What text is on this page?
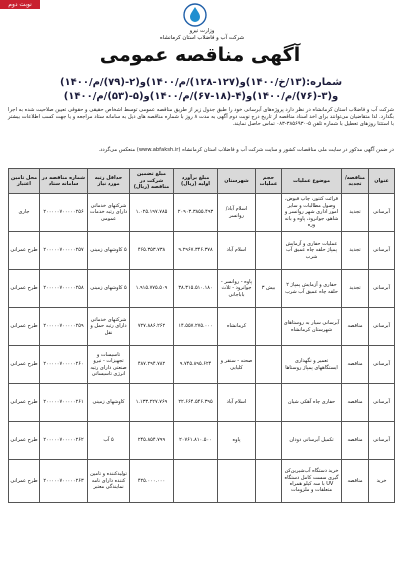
نوبت دوم
وزارت نیرو
شرکت آب و فاضلاب استان کرمانشاه
آگهی مناقصه عمومی
شماره:(۱۳/خ/۱۴۰۰)و(۱۲۷-۱۲۸)/م/۱۴۰۰)و(۲-(۷۹)/م/۱۴۰۰)
و(۳-(۷۶)/م/۱۴۰۰)و(۴-(۱۸-۶۷)/م/۱۴۰۰)و(۵-(۵۳)/م/۱۴۰۰)
شرکت آب و فاضلاب استان کرمانشاه در نظر دارد پروژه‌های آبرسانی خود را طبق جدول زیر از طریق مناقصه عمومی توسط اشخاص حقیقی و حقوقی تعیین صلاحیت شده به اجرا بگذارد. لذا متقاضیان می‌توانند برای اخذ اسناد مناقصه از تاریخ درج نوبت دوم آگهی به مدت ۸ روز با شماره مناقصه های ذیل به سامانه ستاد مراجعه و یا جهت کسب اطلاعات بیشتر با استثنا روزهای تعطیل با شماره تلفن ۵-۳۸۵۶۹۳۰-۰۸۳ تماس حاصل نمایند.
در ضمن آگهی مذکور در سایت ملی مناقصات کشور و سایت شرکت آب و فاضلاب استان کرمانشاه (www.abfaksh.ir) منعکس می‌گردد.
عنوان	مناقصه/تجدید	موضوع عملیات	حجم عملیات	شهرستان	مبلغ برآورد اولیه (ریال)	مبلغ تضمین شرکت در مناقصه (ریال)	حداقل رتبه مورد نیاز	شماره مناقصه در سامانه ستاد	محل تامین اعتبار
آبرسانی	تجدید	قرائت کنتور، چاپ قبوض، وصول مطالبات و سایر امور اداری شهر روانسر و شاهو، جوانرود، پاوه و بانه وره		اسلام آباد/ روانسر	۲۰۹۰۳.۳۸۵۵.۴۹۳	۱.۰۲۵.۱۹۷.۷۸۵	شرکتهای خدماتی دارای رتبه خدمات عمومی	۲۰۰۰۰۰۷۰۰۰۰۰۲۵۶	جاری
آبرسانی	تجدید	عملیات حفاری و آزمایش پمپاژ حلقه چاه عمیق آب شرب		اسلام آباد	۹.۲۹۶۷.۳۴۶.۳۷۸	۴۶۵.۳۵۳.۷۳۸	۵ کاوشهای زمینی	۲۰۰۰۰۰۷۰۰۰۰۰۲۵۷	طرح عمرانی
آبرسانی	تجدید	حفاری و آزمایش پمپاژ ۲ حلقه چاه عمیق آب شرب	بیش ۳	پاوه - روانسر - جوانرود - ثلاث باباجانی	۳۸.۳۱۵.۵۱۰.۱۸۰	۱.۹۱۵.۷۷۵.۵۰۹	۵ کاوشهای زمینی	۲۰۰۰۰۰۷۰۰۰۰۰۲۵۸	طرح عمرانی
آبرسانی	مناقصه	آبرسانی سیار به روستاهای شهرستان کرمانشاه		کرمانشاه	۱۴.۵۵۷.۲۷۵.۰۰۰	۷۲۷.۸۸۶.۲۶۲	شرکتهای خدماتی دارای رتبه حمل و نقل	۲۰۰۰۰۰۷۰۰۰۰۰۲۵۹	طرح عمرانی
آبرسانی	مناقصه	تعمیر و نگهداری ایستگاههای پمپاژ روستاها		صحنه - سنقر و کلیایی	۹.۷۴۵.۸۹۵.۶۲۴	۴۸۷.۲۹۴.۷۸۲	تاسیسات و تجهیزات - نیرو صنعتی دارای رتبه انرژی تاسیساتی	۲۰۰۰۰۰۷۰۰۰۰۰۲۶۰	طرح عمرانی
آبرسانی	مناقصه	حفاری چاه آهکی شیان		اسلام آباد	۲۲.۶۶۴.۵۴۶.۳۹۵	۱.۱۳۳.۲۲۷.۷۶۹	کاوشهای زمینی	۲۰۰۰۰۰۷۰۰۰۰۰۲۶۱	طرح عمرانی
آبرسانی	مناقصه	تکمیل آبرسانی دودان		پاوه	۲۰۷۶۱.۸۱۰.۵۰۰	۲۴۵.۸۵۴.۷۹۹	۵ آب	۲۰۰۰۰۰۷۰۰۰۰۰۲۶۲	طرح عمرانی
خرید	مناقصه	خرید دستگاه آب‌شیرین‌کن گیری سست کامل دستگاه UV با سه کیلو همراه متعلقات و ملزومات				۴۲۵.۰۰۰.۰۰۰	تولیدکننده و تامین کننده دارای نامه نمایندگی معتبر	۲۰۰۰۰۰۷۰۰۰۰۰۲۶۳	طرح عمرانی
